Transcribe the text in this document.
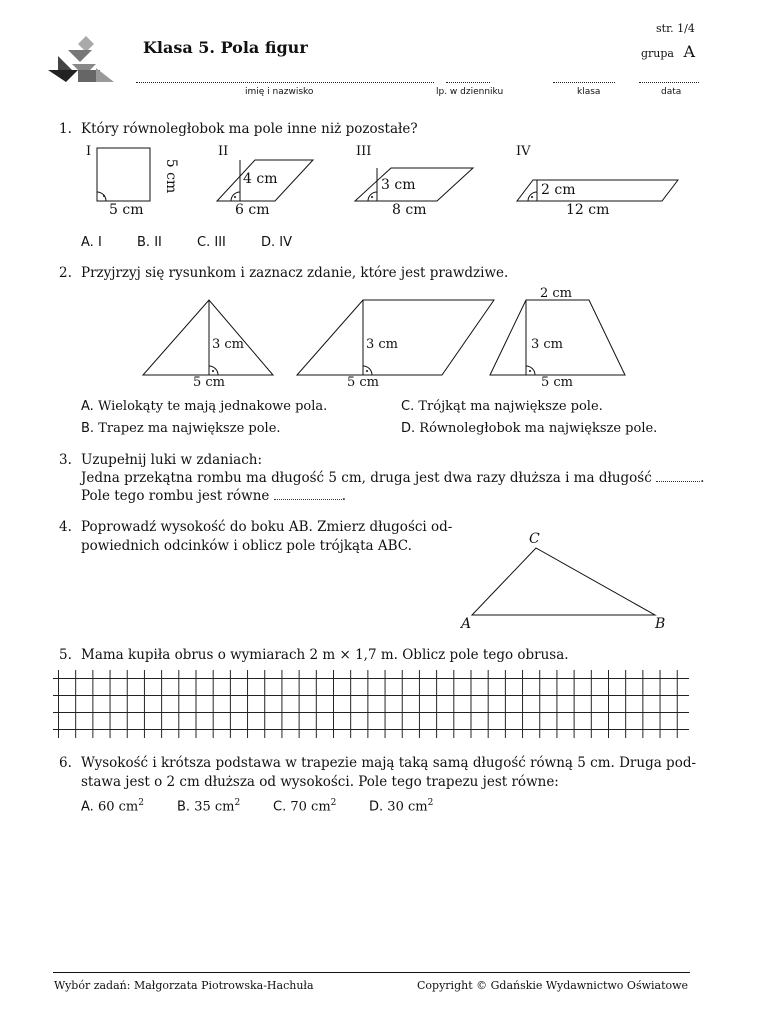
Klasa 5. Pola figur
str. 1/4
grupa A
imię i nazwisko	lp. w dzienniku	klasa	data
1. Który równoległobok ma pole inne niż pozostałe?
I	II	III	IV
5 cm
5 cm
4 cm
6 cm
3 cm
8 cm
2 cm
12 cm
A. I	B. II	C. III	D. IV
2. Przyjrzyj się rysunkom i zaznacz zdanie, które jest prawdziwe.
3 cm
5 cm
3 cm
5 cm
2 cm
3 cm
5 cm
A. Wielokąty te mają jednakowe pola.
B. Trapez ma największe pole.
C. Trójkąt ma największe pole.
D. Równoległobok ma największe pole.
3. Uzupełnij luki w zdaniach:
Jedna przekątna rombu ma długość 5 cm, druga jest dwa razy dłuższa i ma długość	.
Pole tego rombu jest równe	.
4. Poprowadź wysokość do boku AB. Zmierz długości od-
powiednich odcinków i oblicz pole trójkąta ABC.	C
A	B
5. Mama kupiła obrus o wymiarach 2 m × 1,7 m. Oblicz pole tego obrusa.
6. Wysokość i krótsza podstawa w trapezie mają taką samą długość równą 5 cm. Druga pod-
stawa jest o 2 cm dłuższa od wysokości. Pole tego trapezu jest równe:
A. 60 $cm^2$	B. 35 $cm^2$	C. 70 $cm^2$	D. 30 $cm^2$
Wybór zadań: Małgorzata Piotrowska-Hachuła	Copyright © Gdańskie Wydawnictwo Oświatowe
